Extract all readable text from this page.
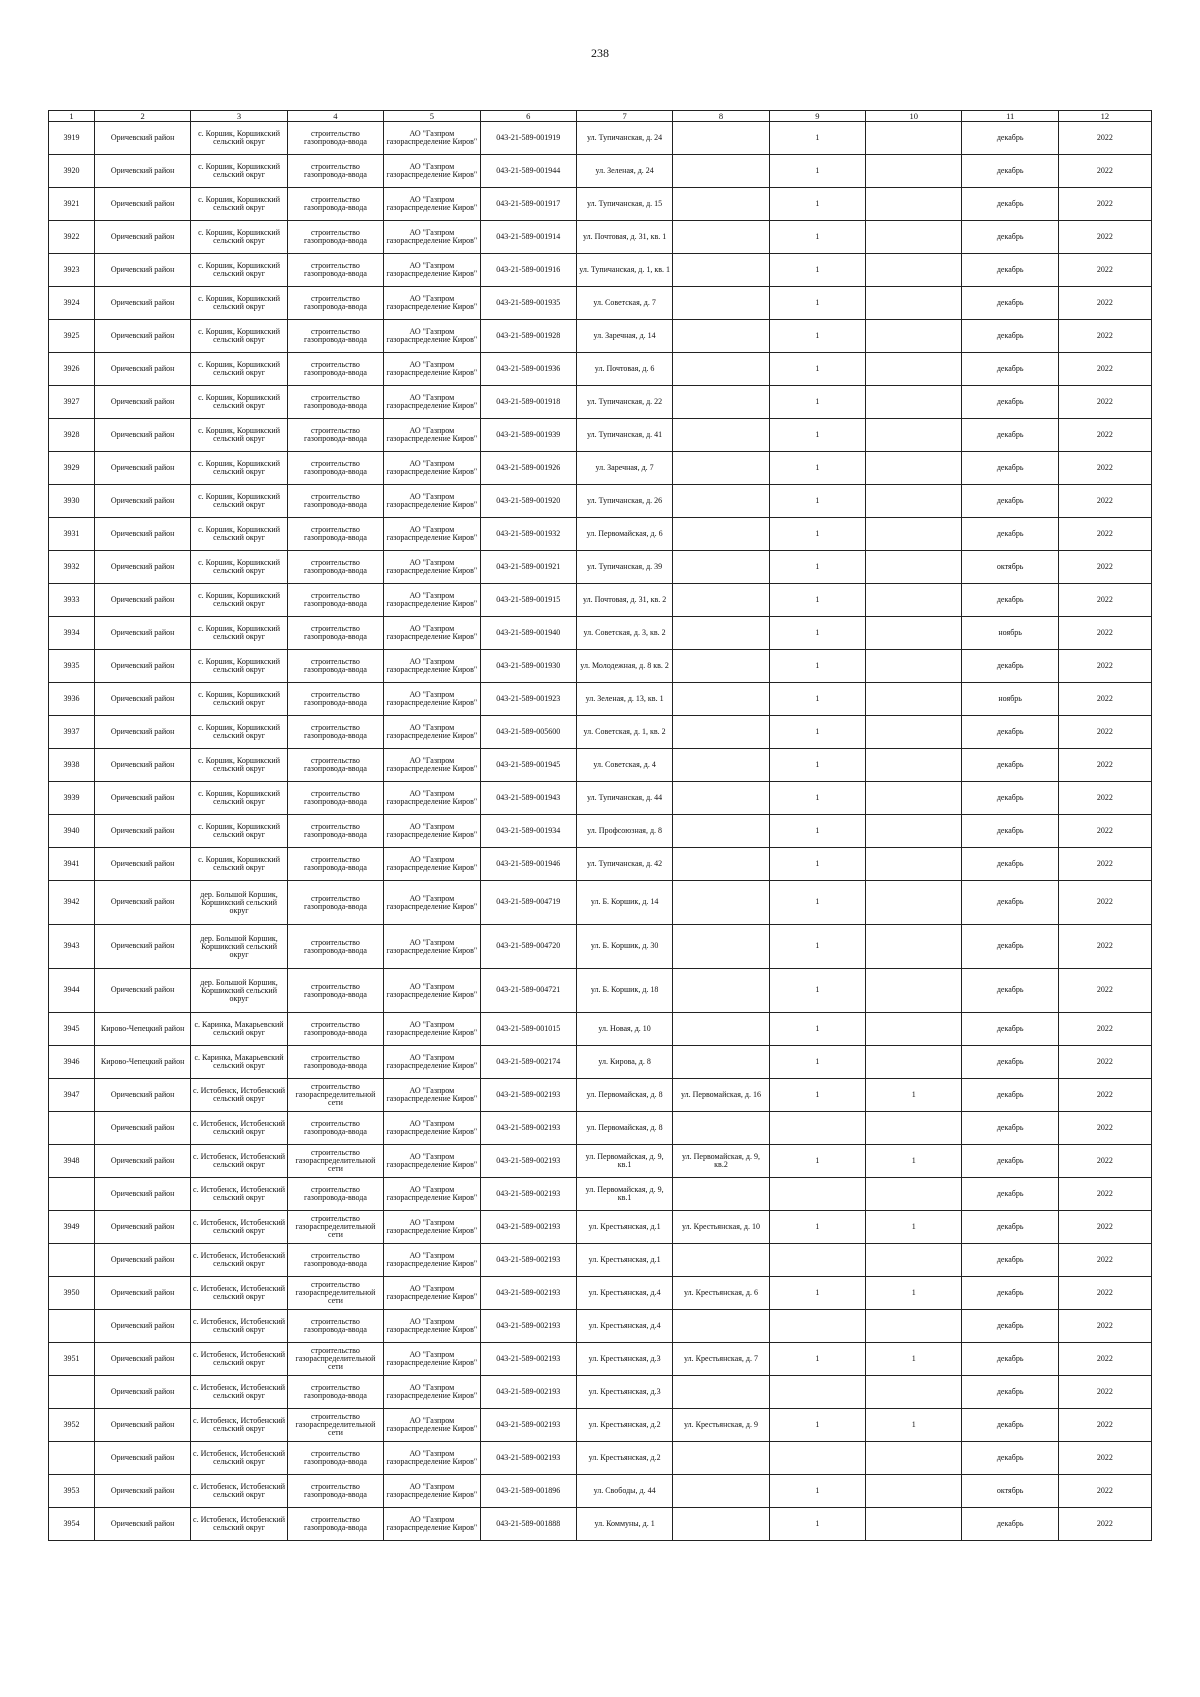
238
1	2	3	4	5	6	7	8	9	10	11	12
3919	Оричевский район	с. Коршик, Коршикский сельский округ	строительство газопровода-ввода	АО "Газпром газораспределение Киров"	043-21-589-001919	ул. Тупичанская, д. 24		1		декабрь	2022
3920	Оричевский район	с. Коршик, Коршикский сельский округ	строительство газопровода-ввода	АО "Газпром газораспределение Киров"	043-21-589-001944	ул. Зеленая, д. 24		1		декабрь	2022
3921	Оричевский район	с. Коршик, Коршикский сельский округ	строительство газопровода-ввода	АО "Газпром газораспределение Киров"	043-21-589-001917	ул. Тупичанская, д. 15		1		декабрь	2022
3922	Оричевский район	с. Коршик, Коршикский сельский округ	строительство газопровода-ввода	АО "Газпром газораспределение Киров"	043-21-589-001914	ул. Почтовая, д. 31, кв. 1		1		декабрь	2022
3923	Оричевский район	с. Коршик, Коршикский сельский округ	строительство газопровода-ввода	АО "Газпром газораспределение Киров"	043-21-589-001916	ул. Тупичанская, д. 1, кв. 1		1		декабрь	2022
3924	Оричевский район	с. Коршик, Коршикский сельский округ	строительство газопровода-ввода	АО "Газпром газораспределение Киров"	043-21-589-001935	ул. Советская, д. 7		1		декабрь	2022
3925	Оричевский район	с. Коршик, Коршикский сельский округ	строительство газопровода-ввода	АО "Газпром газораспределение Киров"	043-21-589-001928	ул. Заречная, д. 14		1		декабрь	2022
3926	Оричевский район	с. Коршик, Коршикский сельский округ	строительство газопровода-ввода	АО "Газпром газораспределение Киров"	043-21-589-001936	ул. Почтовая, д. 6		1		декабрь	2022
3927	Оричевский район	с. Коршик, Коршикский сельский округ	строительство газопровода-ввода	АО "Газпром газораспределение Киров"	043-21-589-001918	ул. Тупичанская, д. 22		1		декабрь	2022
3928	Оричевский район	с. Коршик, Коршикский сельский округ	строительство газопровода-ввода	АО "Газпром газораспределение Киров"	043-21-589-001939	ул. Тупичанская, д. 41		1		декабрь	2022
3929	Оричевский район	с. Коршик, Коршикский сельский округ	строительство газопровода-ввода	АО "Газпром газораспределение Киров"	043-21-589-001926	ул. Заречная, д. 7		1		декабрь	2022
3930	Оричевский район	с. Коршик, Коршикский сельский округ	строительство газопровода-ввода	АО "Газпром газораспределение Киров"	043-21-589-001920	ул. Тупичанская, д. 26		1		декабрь	2022
3931	Оричевский район	с. Коршик, Коршикский сельский округ	строительство газопровода-ввода	АО "Газпром газораспределение Киров"	043-21-589-001932	ул. Первомайская, д. 6		1		декабрь	2022
3932	Оричевский район	с. Коршик, Коршикский сельский округ	строительство газопровода-ввода	АО "Газпром газораспределение Киров"	043-21-589-001921	ул. Тупичанская, д. 39		1		октябрь	2022
3933	Оричевский район	с. Коршик, Коршикский сельский округ	строительство газопровода-ввода	АО "Газпром газораспределение Киров"	043-21-589-001915	ул. Почтовая, д. 31, кв. 2		1		декабрь	2022
3934	Оричевский район	с. Коршик, Коршикский сельский округ	строительство газопровода-ввода	АО "Газпром газораспределение Киров"	043-21-589-001940	ул. Советская, д. 3, кв. 2		1		ноябрь	2022
3935	Оричевский район	с. Коршик, Коршикский сельский округ	строительство газопровода-ввода	АО "Газпром газораспределение Киров"	043-21-589-001930	ул. Молодежная, д. 8 кв. 2		1		декабрь	2022
3936	Оричевский район	с. Коршик, Коршикский сельский округ	строительство газопровода-ввода	АО "Газпром газораспределение Киров"	043-21-589-001923	ул. Зеленая, д. 13, кв. 1		1		ноябрь	2022
3937	Оричевский район	с. Коршик, Коршикский сельский округ	строительство газопровода-ввода	АО "Газпром газораспределение Киров"	043-21-589-005600	ул. Советская, д. 1, кв. 2		1		декабрь	2022
3938	Оричевский район	с. Коршик, Коршикский сельский округ	строительство газопровода-ввода	АО "Газпром газораспределение Киров"	043-21-589-001945	ул. Советская, д. 4		1		декабрь	2022
3939	Оричевский район	с. Коршик, Коршикский сельский округ	строительство газопровода-ввода	АО "Газпром газораспределение Киров"	043-21-589-001943	ул. Тупичанская, д. 44		1		декабрь	2022
3940	Оричевский район	с. Коршик, Коршикский сельский округ	строительство газопровода-ввода	АО "Газпром газораспределение Киров"	043-21-589-001934	ул. Профсоюзная, д. 8		1		декабрь	2022
3941	Оричевский район	с. Коршик, Коршикский сельский округ	строительство газопровода-ввода	АО "Газпром газораспределение Киров"	043-21-589-001946	ул. Тупичанская, д. 42		1		декабрь	2022
3942	Оричевский район	дер. Большой Коршик, Коршикский сельский округ	строительство газопровода-ввода	АО "Газпром газораспределение Киров"	043-21-589-004719	ул. Б. Коршик, д. 14		1		декабрь	2022
3943	Оричевский район	дер. Большой Коршик, Коршикский сельский округ	строительство газопровода-ввода	АО "Газпром газораспределение Киров"	043-21-589-004720	ул. Б. Коршик, д. 30		1		декабрь	2022
3944	Оричевский район	дер. Большой Коршик, Коршикский сельский округ	строительство газопровода-ввода	АО "Газпром газораспределение Киров"	043-21-589-004721	ул. Б. Коршик, д. 18		1		декабрь	2022
3945	Кирово-Чепецкий район	с. Каринка, Макарьевский сельский округ	строительство газопровода-ввода	АО "Газпром газораспределение Киров"	043-21-589-001015	ул. Новая, д. 10		1		декабрь	2022
3946	Кирово-Чепецкий район	с. Каринка, Макарьевский сельский округ	строительство газопровода-ввода	АО "Газпром газораспределение Киров"	043-21-589-002174	ул. Кирова, д. 8		1		декабрь	2022
3947	Оричевский район	с. Истобенск, Истобенский сельский округ	строительство газораспределительной сети	АО "Газпром газораспределение Киров"	043-21-589-002193	ул. Первомайская, д. 8	ул. Первомайская, д. 16	1	1	декабрь	2022
	Оричевский район	с. Истобенск, Истобенский сельский округ	строительство газопровода-ввода	АО "Газпром газораспределение Киров"	043-21-589-002193	ул. Первомайская, д. 8				декабрь	2022
3948	Оричевский район	с. Истобенск, Истобенский сельский округ	строительство газораспределительной сети	АО "Газпром газораспределение Киров"	043-21-589-002193	ул. Первомайская, д. 9, кв.1	ул. Первомайская, д. 9, кв.2	1	1	декабрь	2022
	Оричевский район	с. Истобенск, Истобенский сельский округ	строительство газопровода-ввода	АО "Газпром газораспределение Киров"	043-21-589-002193	ул. Первомайская, д. 9, кв.1				декабрь	2022
3949	Оричевский район	с. Истобенск, Истобенский сельский округ	строительство газораспределительной сети	АО "Газпром газораспределение Киров"	043-21-589-002193	ул. Крестьянская, д.1	ул. Крестьянская, д. 10	1	1	декабрь	2022
	Оричевский район	с. Истобенск, Истобенский сельский округ	строительство газопровода-ввода	АО "Газпром газораспределение Киров"	043-21-589-002193	ул. Крестьянская, д.1				декабрь	2022
3950	Оричевский район	с. Истобенск, Истобенский сельский округ	строительство газораспределительной сети	АО "Газпром газораспределение Киров"	043-21-589-002193	ул. Крестьянская, д.4	ул. Крестьянская, д. 6	1	1	декабрь	2022
	Оричевский район	с. Истобенск, Истобенский сельский округ	строительство газопровода-ввода	АО "Газпром газораспределение Киров"	043-21-589-002193	ул. Крестьянская, д.4				декабрь	2022
3951	Оричевский район	с. Истобенск, Истобенский сельский округ	строительство газораспределительной сети	АО "Газпром газораспределение Киров"	043-21-589-002193	ул. Крестьянская, д.3	ул. Крестьянская, д. 7	1	1	декабрь	2022
	Оричевский район	с. Истобенск, Истобенский сельский округ	строительство газопровода-ввода	АО "Газпром газораспределение Киров"	043-21-589-002193	ул. Крестьянская, д.3				декабрь	2022
3952	Оричевский район	с. Истобенск, Истобенский сельский округ	строительство газораспределительной сети	АО "Газпром газораспределение Киров"	043-21-589-002193	ул. Крестьянская, д.2	ул. Крестьянская, д. 9	1	1	декабрь	2022
	Оричевский район	с. Истобенск, Истобенский сельский округ	строительство газопровода-ввода	АО "Газпром газораспределение Киров"	043-21-589-002193	ул. Крестьянская, д.2				декабрь	2022
3953	Оричевский район	с. Истобенск, Истобенский сельский округ	строительство газопровода-ввода	АО "Газпром газораспределение Киров"	043-21-589-001896	ул. Свободы, д. 44		1		октябрь	2022
3954	Оричевский район	с. Истобенск, Истобенский сельский округ	строительство газопровода-ввода	АО "Газпром газораспределение Киров"	043-21-589-001888	ул. Коммуны, д. 1		1		декабрь	2022
